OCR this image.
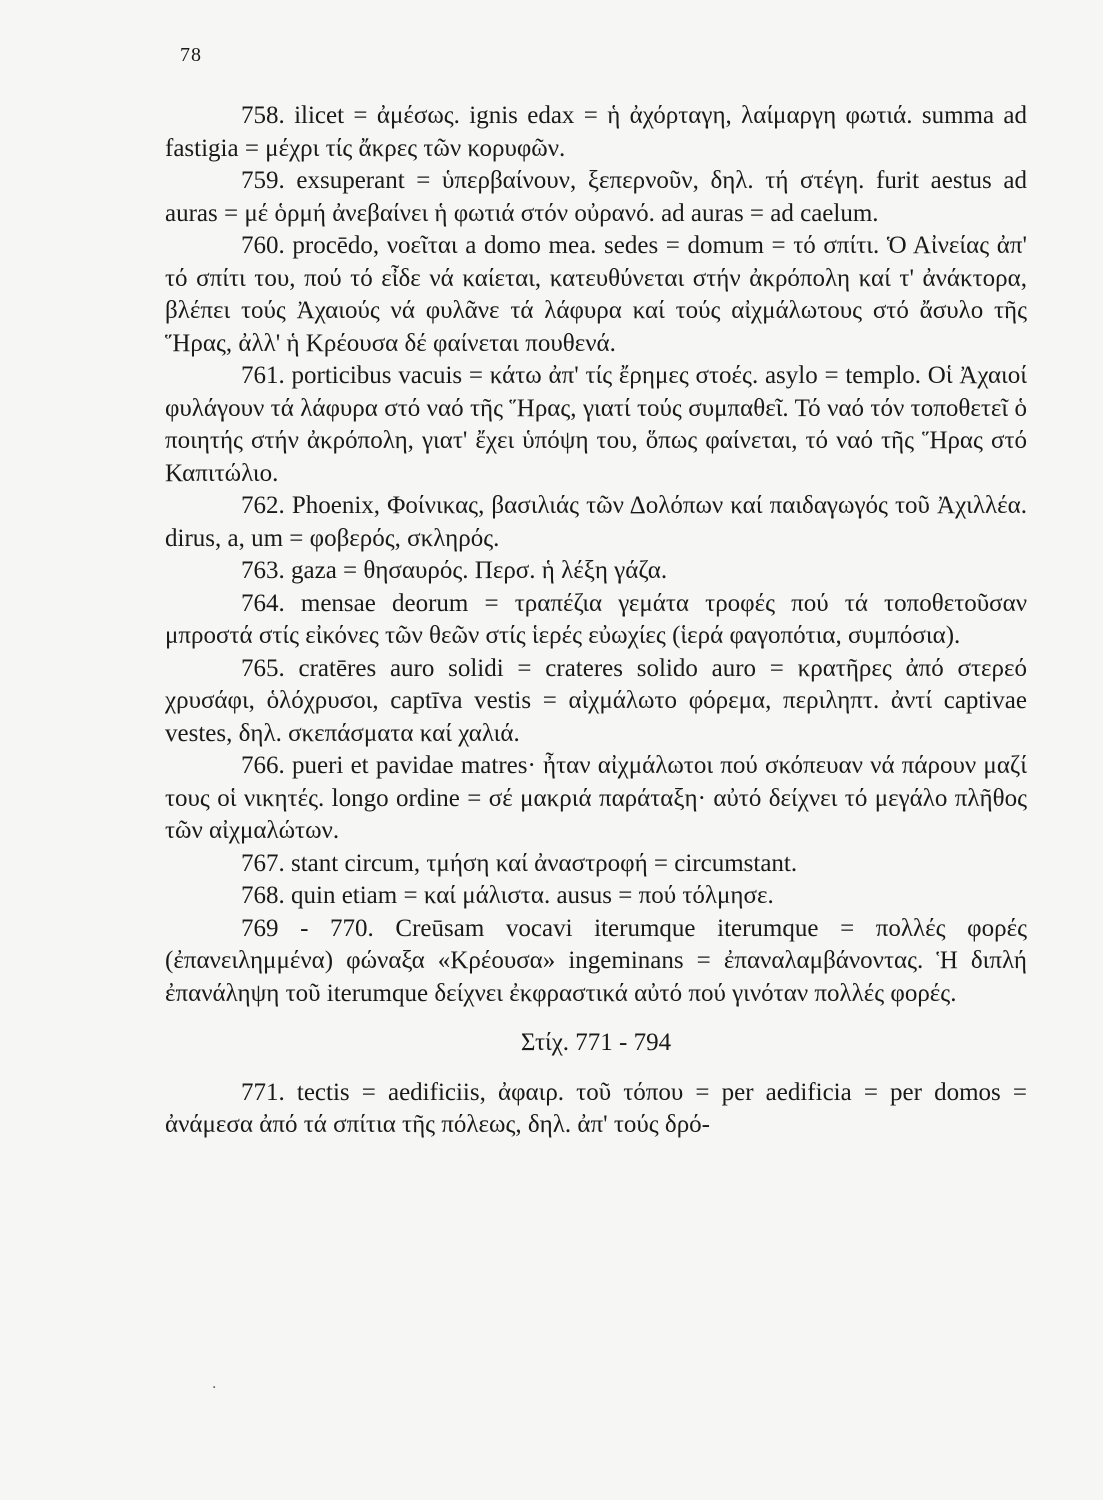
78

758. ilicet = ἀμέσως. ignis edax = ἡ ἀχόρταγη, λαίμαργη φωτιά. summa ad fastigia = μέχρι τίς ἄκρες τῶν κορυφῶν.

759. exsuperant = ὑπερβαίνουν, ξεπερνοῦν, δηλ. τή στέγη. furit aestus ad auras = μέ ὁρμή ἀνεβαίνει ἡ φωτιά στόν οὐρανό. ad auras = ad caelum.

760. procēdo, νοεῖται a domo mea. sedes = domum = τό σπίτι. Ὁ Αἰνείας ἀπ' τό σπίτι του, πού τό εἶδε νά καίεται, κατευθύνεται στήν ἀκρόπολη καί τ' ἀνάκτορα, βλέπει τούς Ἀχαιούς νά φυλᾶνε τά λάφυρα καί τούς αἰχμάλωτους στό ἄσυλο τῆς Ἥρας, ἀλλ' ἡ Κρέουσα δέ φαίνεται πουθενά.

761. porticibus vacuis = κάτω ἀπ' τίς ἔρημες στοές. asylo = templo. Οἱ Ἀχαιοί φυλάγουν τά λάφυρα στό ναό τῆς Ἥρας, γιατί τούς συμπαθεῖ. Τό ναό τόν τοποθετεῖ ὁ ποιητής στήν ἀκρόπολη, γιατ' ἔχει ὑπόψη του, ὅπως φαίνεται, τό ναό τῆς Ἥρας στό Καπιτώλιο.

762. Phoenix, Φοίνικας, βασιλιάς τῶν Δολόπων καί παιδαγωγός τοῦ Ἀχιλλέα. dirus, a, um = φοβερός, σκληρός.

763. gaza = θησαυρός. Περσ. ἡ λέξη γάζα.

764. mensae deorum = τραπέζια γεμάτα τροφές πού τά τοποθετοῦσαν μπροστά στίς εἰκόνες τῶν θεῶν στίς ἱερές εὐωχίες (ἱερά φαγοπότια, συμπόσια).

765. cratēres auro solidi = crateres solido auro = κρατῆρες ἀπό στερεό χρυσάφι, ὁλόχρυσοι, captīva vestis = αἰχμάλωτο φόρεμα, περιληπτ. ἀντί captivae vestes, δηλ. σκεπάσματα καί χαλιά.

766. pueri et pavidae matres· ἦταν αἰχμάλωτοι πού σκόπευαν νά πάρουν μαζί τους οἱ νικητές. longo ordine = σέ μακριά παράταξη· αὐτό δείχνει τό μεγάλο πλῆθος τῶν αἰχμαλώτων.

767. stant circum, τμήση καί ἀναστροφή = circumstant.

768. quin etiam = καί μάλιστα. ausus = πού τόλμησε.

769 - 770. Creūsam vocavi iterumque iterumque = πολλές φορές (ἐπανειλημμένα) φώναξα «Κρέουσα» ingeminans = ἐπαναλαμβάνοντας. Ἡ διπλή ἐπανάληψη τοῦ iterumque δείχνει ἐκφραστικά αὐτό πού γινόταν πολλές φορές.

Στίχ. 771 - 794

771. tectis = aedificiis, ἀφαιρ. τοῦ τόπου = per aedificia = per domos = ἀνάμεσα ἀπό τά σπίτια τῆς πόλεως, δηλ. ἀπ' τούς δρό-

·
